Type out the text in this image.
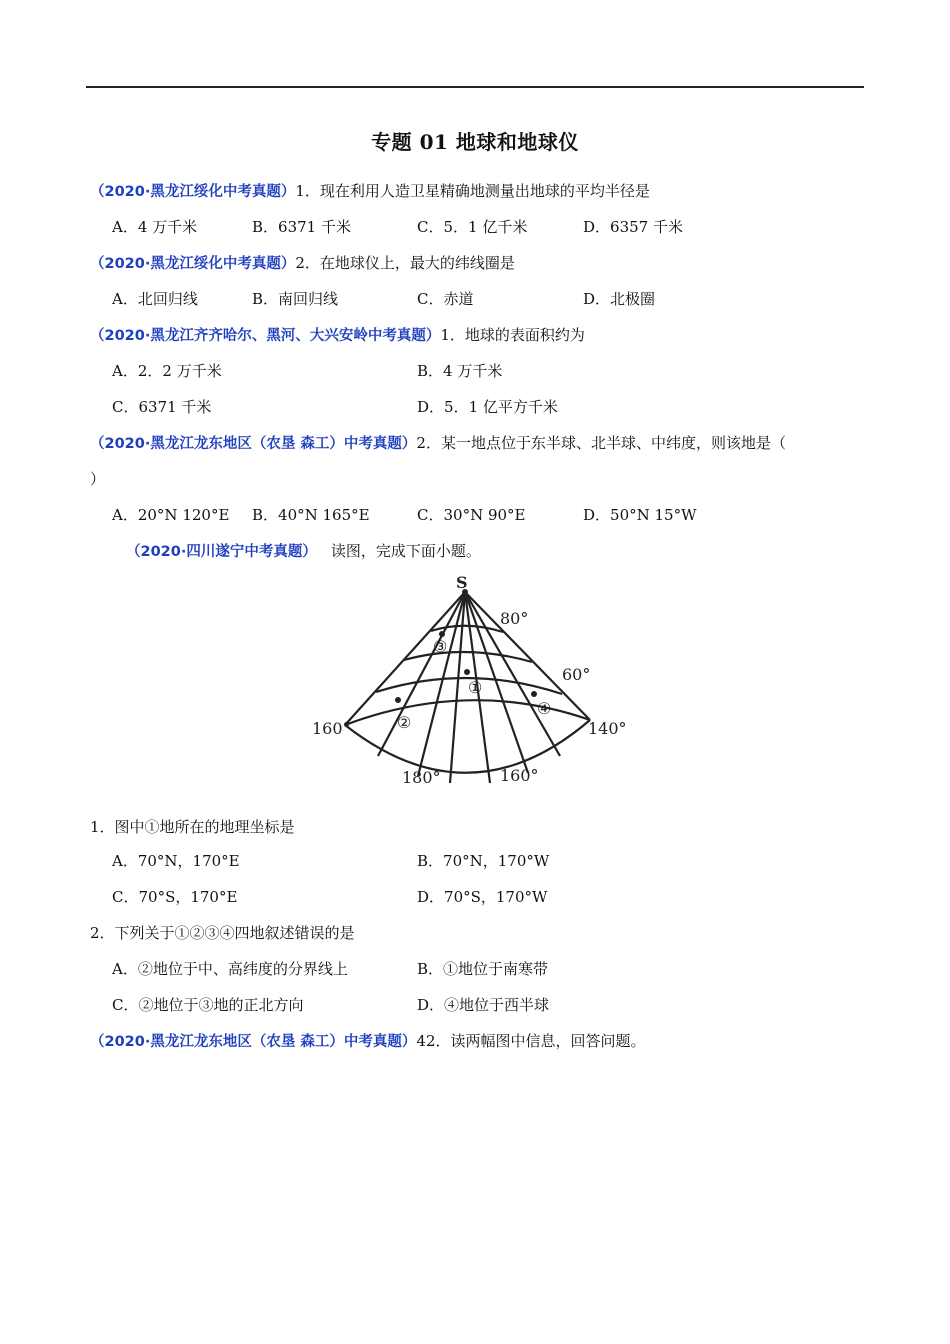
专题 01 地球和地球仪
（2020·黑龙江绥化中考真题）1．现在利用人造卫星精确地测量出地球的平均半径是
A．4 万千米	B．6371 千米	C．5．1 亿千米	D．6357 千米
（2020·黑龙江绥化中考真题）2．在地球仪上，最大的纬线圈是
A．北回归线	B．南回归线	C．赤道	D．北极圈
（2020·黑龙江齐齐哈尔、黑河、大兴安岭中考真题）1．地球的表面积约为
A．2．2 万千米	B．4 万千米
C．6371 千米	D．5．1 亿平方千米
（2020·黑龙江龙东地区（农垦 森工）中考真题）2．某一地点位于东半球、北半球、中纬度，则该地是（
）
A．20°N 120°E B．40°N 165°E	C．30°N 90°E	D．50°N 15°W
（2020·四川遂宁中考真题） 读图，完成下面小题。
S
80°
60°
160°	140°
180°	160°
③
①
②
④
1．图中①地所在的地理坐标是
A．70°N，170°E	B．70°N，170°W
C．70°S，170°E	D．70°S，170°W
2．下列关于①②③④四地叙述错误的是
A．②地位于中、高纬度的分界线上	B．①地位于南寒带
C．②地位于③地的正北方向	D．④地位于西半球
（2020·黑龙江龙东地区（农垦 森工）中考真题）42．读两幅图中信息，回答问题。
